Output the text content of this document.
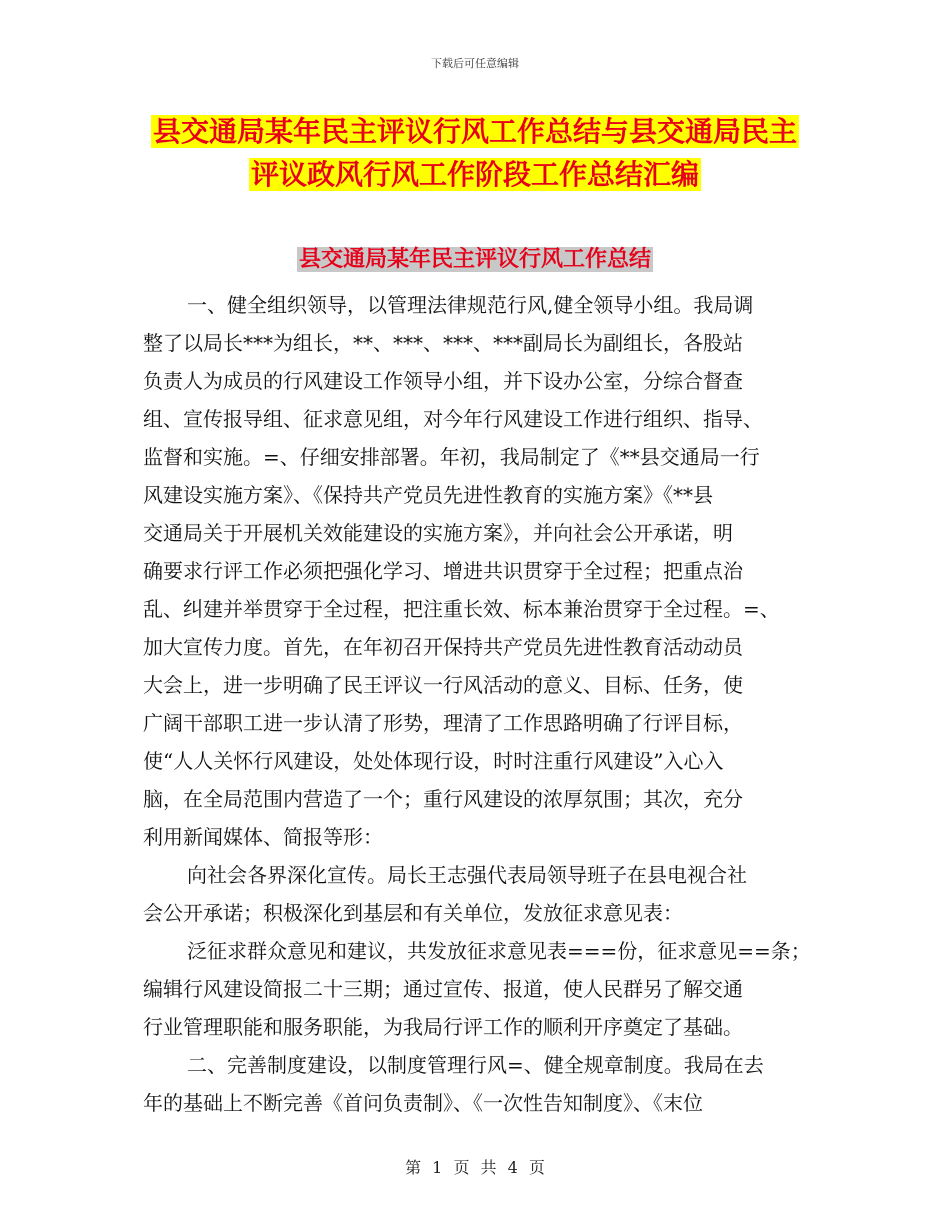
下载后可任意编辑
县交通局某年民主评议行风工作总结与县交通局民主
评议政风行风工作阶段工作总结汇编
县交通局某年民主评议行风工作总结
一、健全组织领导，以管理法律规范行风,健全领导小组。我局调
整了以局长***为组长，**、***、***、***副局长为副组长，各股站
负责人为成员的行风建设工作领导小组，并下设办公室，分综合督查
组、宣传报导组、征求意见组，对今年行风建设工作进行组织、指导、
监督和实施。=、仔细安排部署。年初，我局制定了《**县交通局一行
风建设实施方案》、《保持共产党员先进性教育的实施方案》《**县
交通局关于开展机关效能建设的实施方案》，并向社会公开承诺，明
确要求行评工作必须把强化学习、增进共识贯穿于全过程；把重点治
乱、纠建并举贯穿于全过程，把注重长效、标本兼治贯穿于全过程。=、
加大宣传力度。首先，在年初召开保持共产党员先进性教育活动动员
大会上，进一步明确了民王评议一行风活动的意义、目标、任务，使
广阔干部职工进一步认清了形势，理清了工作思路明确了行评目标，
使“人人关怀行风建设，处处体现行设，时时注重行风建设”入心入
脑，在全局范围内营造了一个；重行风建设的浓厚氛围；其次，充分
利用新闻媒体、简报等形：
向社会各界深化宣传。局长王志强代表局领导班子在县电视合社
会公开承诺；积极深化到基层和有关单位，发放征求意见表：
泛征求群众意见和建议，共发放征求意见表===份，征求意见==条；
编辑行风建设简报二十三期；通过宣传、报道，使人民群另了解交通
行业管理职能和服务职能，为我局行评工作的顺利开序奠定了基础。
二、完善制度建设，以制度管理行风=、健全规章制度。我局在去
年的基础上不断完善《首问负责制》、《一次性告知制度》、《末位
第 1 页 共 4 页
